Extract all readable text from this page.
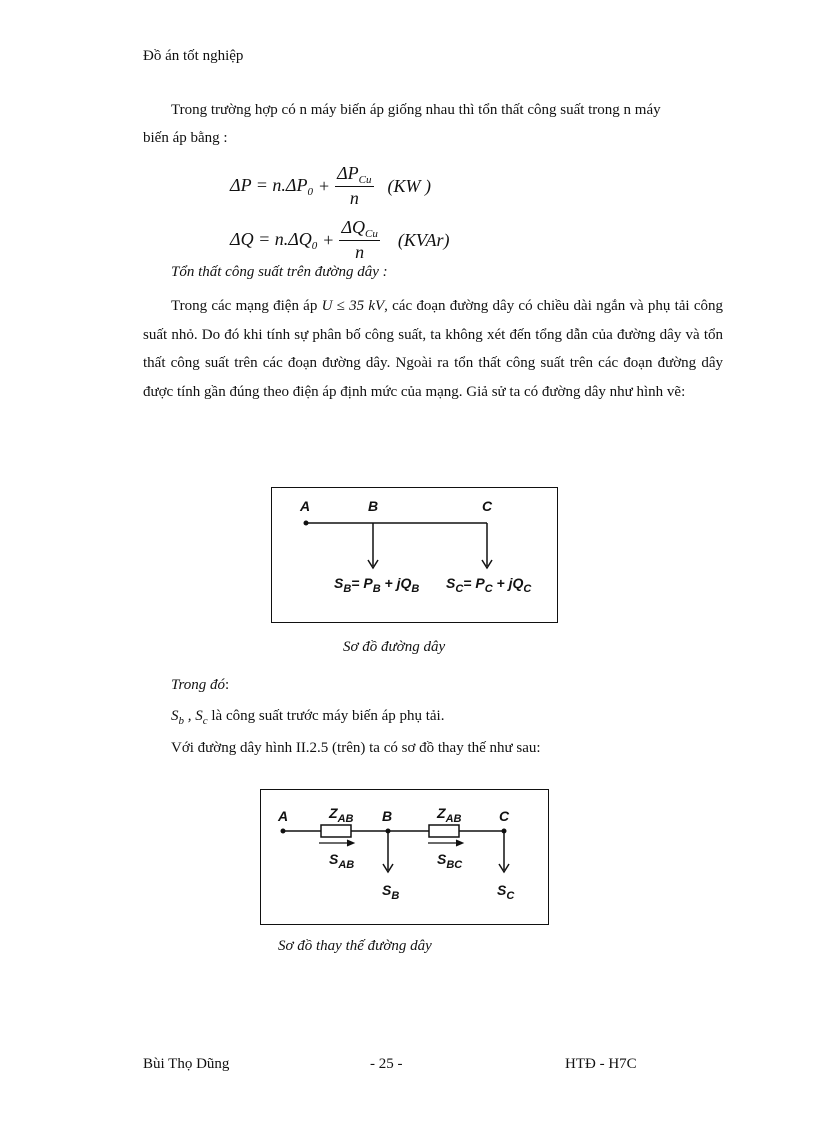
Đồ án tốt nghiệp
Trong trường hợp có n máy biến áp giống nhau thì tổn thất công suất trong n máy
biến áp bằng :
$\Delta P = n.\Delta P_0 + \frac{\Delta P_{Cu}}{n} (KW$ )
$\Delta Q = n.\Delta Q_0 + \frac{\Delta Q_{Cu}}{n}$ (KVAr)
Tổn thất công suất trên đường dây :
Trong các mạng điện áp U ≤ 35 kV, các đoạn đường dây có chiều dài ngắn và phụ tải công suất nhỏ. Do đó khi tính sự phân bố công suất, ta không xét đến tổng dẫn của đường dây và tổn thất công suất trên các đoạn đường dây. Ngoài ra tổn thất công suất trên các đoạn đường dây được tính gần đúng theo điện áp định mức của mạng. Giả sử ta có đường dây như hình vẽ:
A	B	C
$S_B= P_B + jQ_B$ $S_C= P_C + jQ_C$
Sơ đồ đường dây
Trong đó:
$S_b$ , $S_c$ là công suất trước máy biến áp phụ tải.
Với đường dây hình II.2.5 (trên) ta có sơ đồ thay thế như sau:
A	B	C
$Z_{AB}$	$Z_{AB}$
$S_{AB}$	$S_{BC}$
$S_B$	$S_C$
Sơ đồ thay thế đường dây
Bùi Thọ Dũng	- 25 -	HTĐ - H7C
